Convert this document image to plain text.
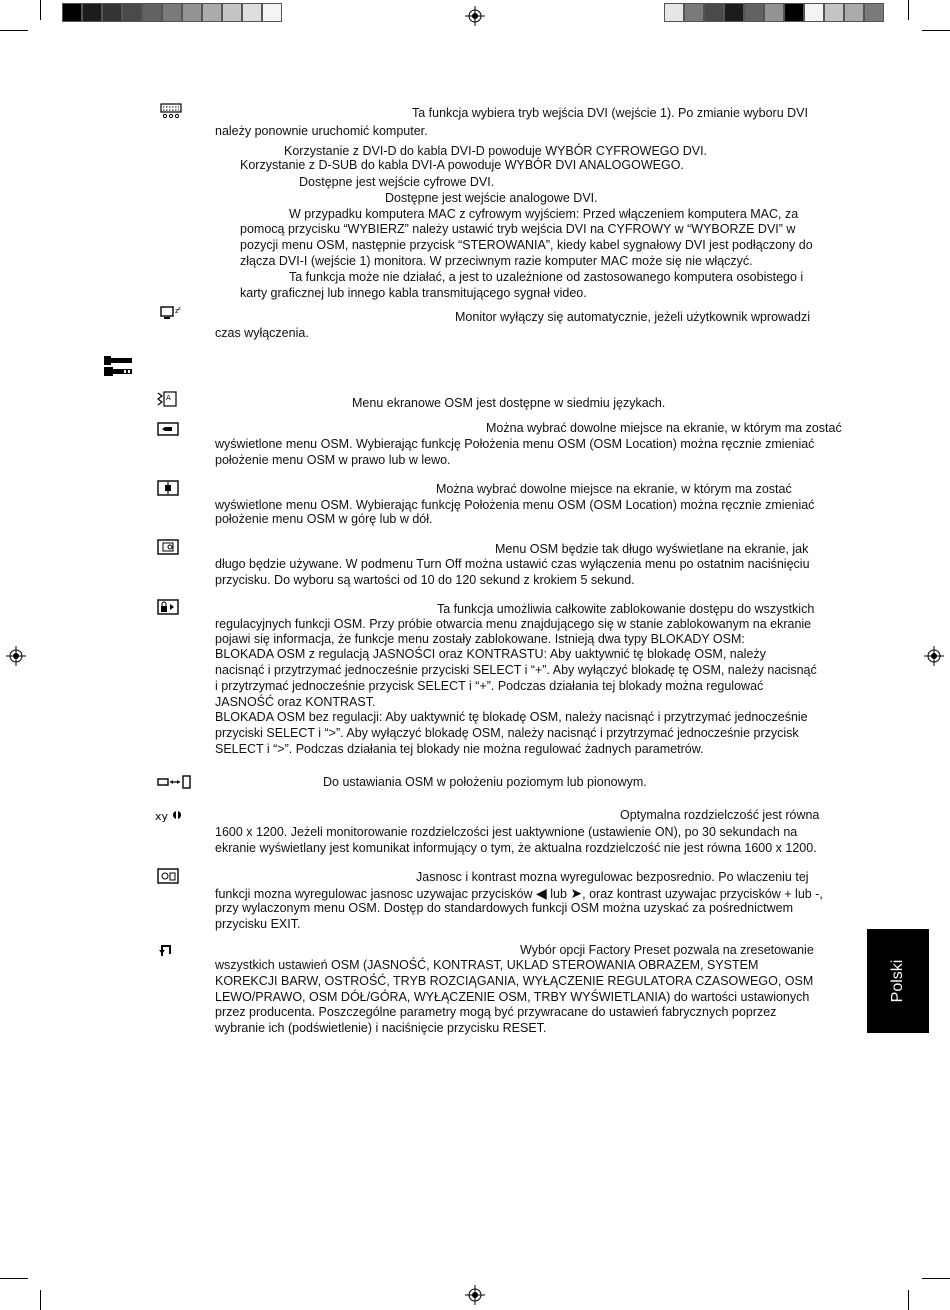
Polski
z z
A
xy
Ta funkcja wybiera tryb wejścia DVI (wejście 1). Po zmianie wyboru DVI
należy ponownie uruchomić komputer.
Korzystanie z DVI-D do kabla DVI-D powoduje WYBÓR CYFROWEGO DVI.
Korzystanie z D-SUB do kabla DVI-A powoduje WYBÓR DVI ANALOGOWEGO.
Dostępne jest wejście cyfrowe DVI.
Dostępne jest wejście analogowe DVI.
W przypadku komputera MAC z cyfrowym wyjściem: Przed włączeniem komputera MAC, za
pomocą przycisku “WYBIERZ” należy ustawić tryb wejścia DVI na CYFROWY w “WYBORZE DVI” w
pozycji menu OSM, następnie przycisk “STEROWANIA”, kiedy kabel sygnałowy DVI jest podłączony do
złącza DVI-I (wejście 1) monitora. W przeciwnym razie komputer MAC może się nie włączyć.
Ta funkcja może nie działać, a jest to uzależnione od zastosowanego komputera osobistego i
karty graficznej lub innego kabla transmitującego sygnał video.
Monitor wyłączy się automatycznie, jeżeli użytkownik wprowadzi
czas wyłączenia.
Menu ekranowe OSM jest dostępne w siedmiu językach.
Można wybrać dowolne miejsce na ekranie, w którym ma zostać
wyświetlone menu OSM. Wybierając funkcję Położenia menu OSM (OSM Location) można ręcznie zmieniać
położenie menu OSM w prawo lub w lewo.
Można wybrać dowolne miejsce na ekranie, w którym ma zostać
wyświetlone menu OSM. Wybierając funkcję Położenia menu OSM (OSM Location) można ręcznie zmieniać
położenie menu OSM w górę lub w dół.
Menu OSM będzie tak długo wyświetlane na ekranie, jak
długo będzie używane. W podmenu Turn Off można ustawić czas wyłączenia menu po ostatnim naciśnięciu
przycisku. Do wyboru są wartości od 10 do 120 sekund z krokiem 5 sekund.
Ta funkcja umożliwia całkowite zablokowanie dostępu do wszystkich
regulacyjnych funkcji OSM. Przy próbie otwarcia menu znajdującego się w stanie zablokowanym na ekranie
pojawi się informacja, że funkcje menu zostały zablokowane. Istnieją dwa typy BLOKADY OSM:
BLOKADA OSM z regulacją JASNOŚCI oraz KONTRASTU: Aby uaktywnić tę blokadę OSM, należy
nacisnąć i przytrzymać jednocześnie przyciski SELECT i “+”. Aby wyłączyć blokadę tę OSM, należy nacisnąć
i przytrzymać jednocześnie przycisk SELECT i “+”. Podczas działania tej blokady można regulować
JASNOŚĆ oraz KONTRAST.
BLOKADA OSM bez regulacji: Aby uaktywnić tę blokadę OSM, należy nacisnąć i przytrzymać jednocześnie
przyciski SELECT i “>”. Aby wyłączyć blokadę OSM, należy nacisnąć i przytrzymać jednocześnie przycisk
SELECT i “>”. Podczas działania tej blokady nie można regulować żadnych parametrów.
Do ustawiania OSM w położeniu poziomym lub pionowym.
Optymalna rozdzielczość jest równa
1600 x 1200. Jeżeli monitorowanie rozdzielczości jest uaktywnione (ustawienie ON), po 30 sekundach na
ekranie wyświetlany jest komunikat informujący o tym, że aktualna rozdzielczość nie jest równa 1600 x 1200.
Jasnosc i kontrast mozna wyregulowac bezposrednio. Po wlaczeniu tej
funkcji mozna wyregulowac jasnosc uzywajac przycisków ◀ lub ➤, oraz kontrast uzywajac przycisków + lub -,
przy wylaczonym menu OSM. Dostęp do standardowych funkcji OSM można uzyskać za pośrednictwem
przycisku EXIT.
Wybór opcji Factory Preset pozwala na zresetowanie
wszystkich ustawień OSM (JASNOŚĆ, KONTRAST, UKLAD STEROWANIA OBRAZEM, SYSTEM
KOREKCJI BARW, OSTROŚĆ, TRYB ROZCIĄGANIA, WYŁĄCZENIE REGULATORA CZASOWEGO, OSM
LEWO/PRAWO, OSM DÓŁ/GÓRA, WYŁĄCZENIE OSM, TRBY WYŚWIETLANIA) do wartości ustawionych
przez producenta. Poszczególne parametry mogą być przywracane do ustawień fabrycznych poprzez
wybranie ich (podświetlenie) i naciśnięcie przycisku RESET.
